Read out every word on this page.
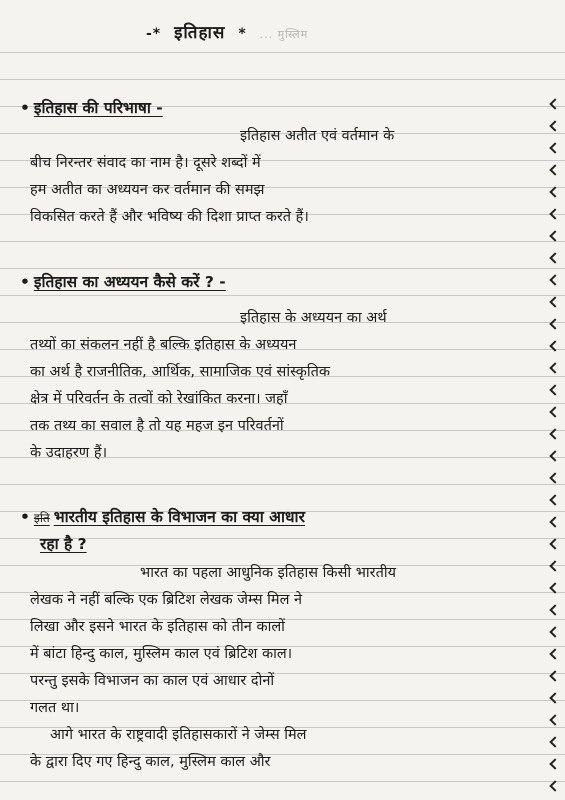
-* इतिहास * ... मुस्लिम
• इतिहास की परिभाषा -
इतिहास अतीत एवं वर्तमान के
बीच निरन्तर संवाद का नाम है। दूसरे शब्दों में
हम अतीत का अध्ययन कर वर्तमान की समझ
विकसित करते हैं और भविष्य की दिशा प्राप्त करते हैं।
• इतिहास का अध्ययन कैसे करें ? -
इतिहास के अध्ययन का अर्थ
तथ्यों का संकलन नहीं है बल्कि इतिहास के अध्ययन
का अर्थ है राजनीतिक, आर्थिक, सामाजिक एवं सांस्कृतिक
क्षेत्र में परिवर्तन के तत्वों को रेखांकित करना। जहाँ
तक तथ्य का सवाल है तो यह महज इन परिवर्तनों
के उदाहरण हैं।
• इति भारतीय इतिहास के विभाजन का क्या आधार
रहा है ?
भारत का पहला आधुनिक इतिहास किसी भारतीय
लेखक ने नहीं बल्कि एक ब्रिटिश लेखक जेम्स मिल ने
लिखा और इसने भारत के इतिहास को तीन कालों
में बांटा हिन्दु काल, मुस्लिम काल एवं ब्रिटिश काल।
परन्तु इसके विभाजन का काल एवं आधार दोनों
गलत था।
आगे भारत के राष्ट्रवादी इतिहासकारों ने जेम्स मिल
के द्वारा दिए गए हिन्दु काल, मुस्लिम काल और
